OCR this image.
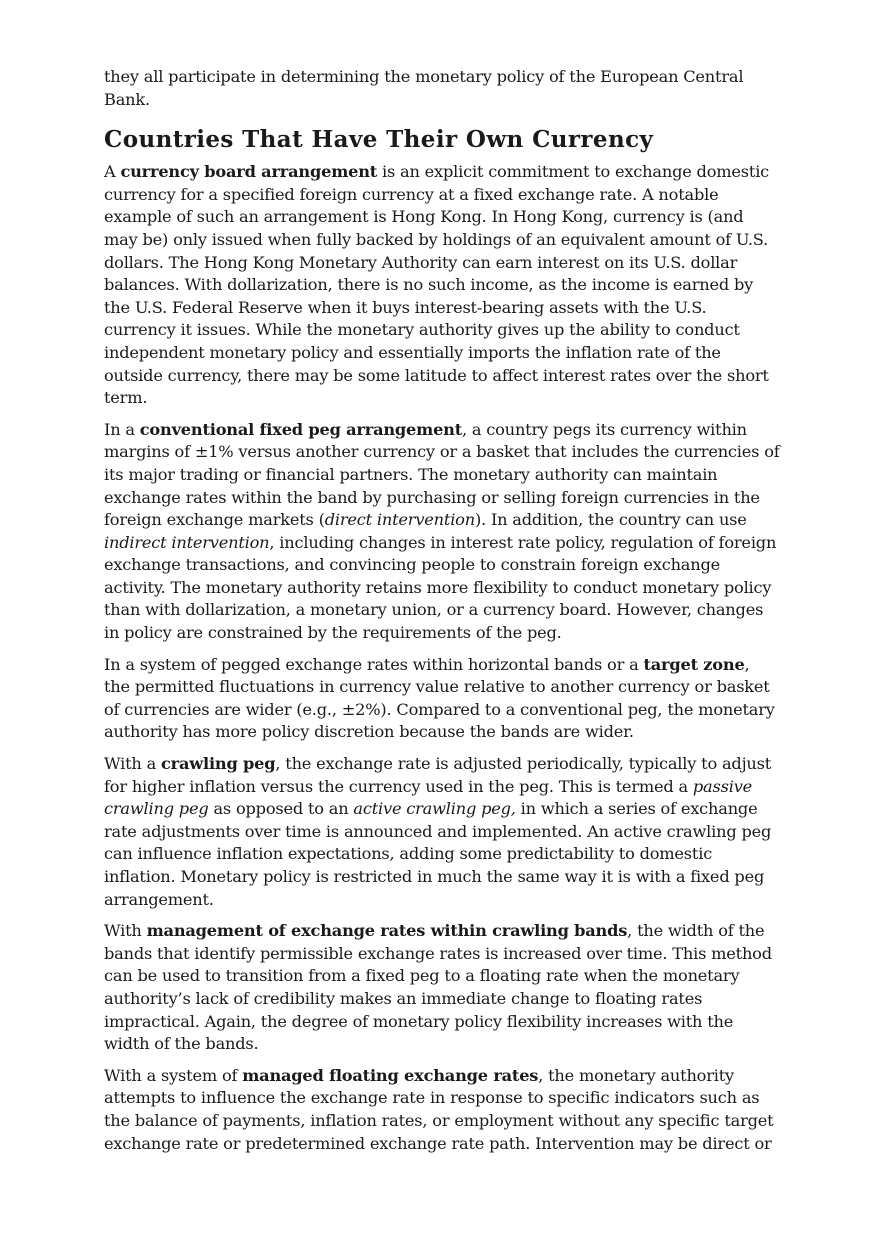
they all participate in determining the monetary policy of the European Central Bank.

Countries That Have Their Own Currency

A currency board arrangement is an explicit commitment to exchange domestic currency for a specified foreign currency at a fixed exchange rate. A notable example of such an arrangement is Hong Kong. In Hong Kong, currency is (and may be) only issued when fully backed by holdings of an equivalent amount of U.S. dollars. The Hong Kong Monetary Authority can earn interest on its U.S. dollar balances. With dollarization, there is no such income, as the income is earned by the U.S. Federal Reserve when it buys interest-bearing assets with the U.S. currency it issues. While the monetary authority gives up the ability to conduct independent monetary policy and essentially imports the inflation rate of the outside currency, there may be some latitude to affect interest rates over the short term.

In a conventional fixed peg arrangement, a country pegs its currency within margins of ±1% versus another currency or a basket that includes the currencies of its major trading or financial partners. The monetary authority can maintain exchange rates within the band by purchasing or selling foreign currencies in the foreign exchange markets (direct intervention). In addition, the country can use indirect intervention, including changes in interest rate policy, regulation of foreign exchange transactions, and convincing people to constrain foreign exchange activity. The monetary authority retains more flexibility to conduct monetary policy than with dollarization, a monetary union, or a currency board. However, changes in policy are constrained by the requirements of the peg.

In a system of pegged exchange rates within horizontal bands or a target zone, the permitted fluctuations in currency value relative to another currency or basket of currencies are wider (e.g., ±2%). Compared to a conventional peg, the monetary authority has more policy discretion because the bands are wider.

With a crawling peg, the exchange rate is adjusted periodically, typically to adjust for higher inflation versus the currency used in the peg. This is termed a passive crawling peg as opposed to an active crawling peg, in which a series of exchange rate adjustments over time is announced and implemented. An active crawling peg can influence inflation expectations, adding some predictability to domestic inflation. Monetary policy is restricted in much the same way it is with a fixed peg arrangement.

With management of exchange rates within crawling bands, the width of the bands that identify permissible exchange rates is increased over time. This method can be used to transition from a fixed peg to a floating rate when the monetary authority’s lack of credibility makes an immediate change to floating rates impractical. Again, the degree of monetary policy flexibility increases with the width of the bands.

With a system of managed floating exchange rates, the monetary authority attempts to influence the exchange rate in response to specific indicators such as the balance of payments, inflation rates, or employment without any specific target exchange rate or predetermined exchange rate path. Intervention may be direct or
